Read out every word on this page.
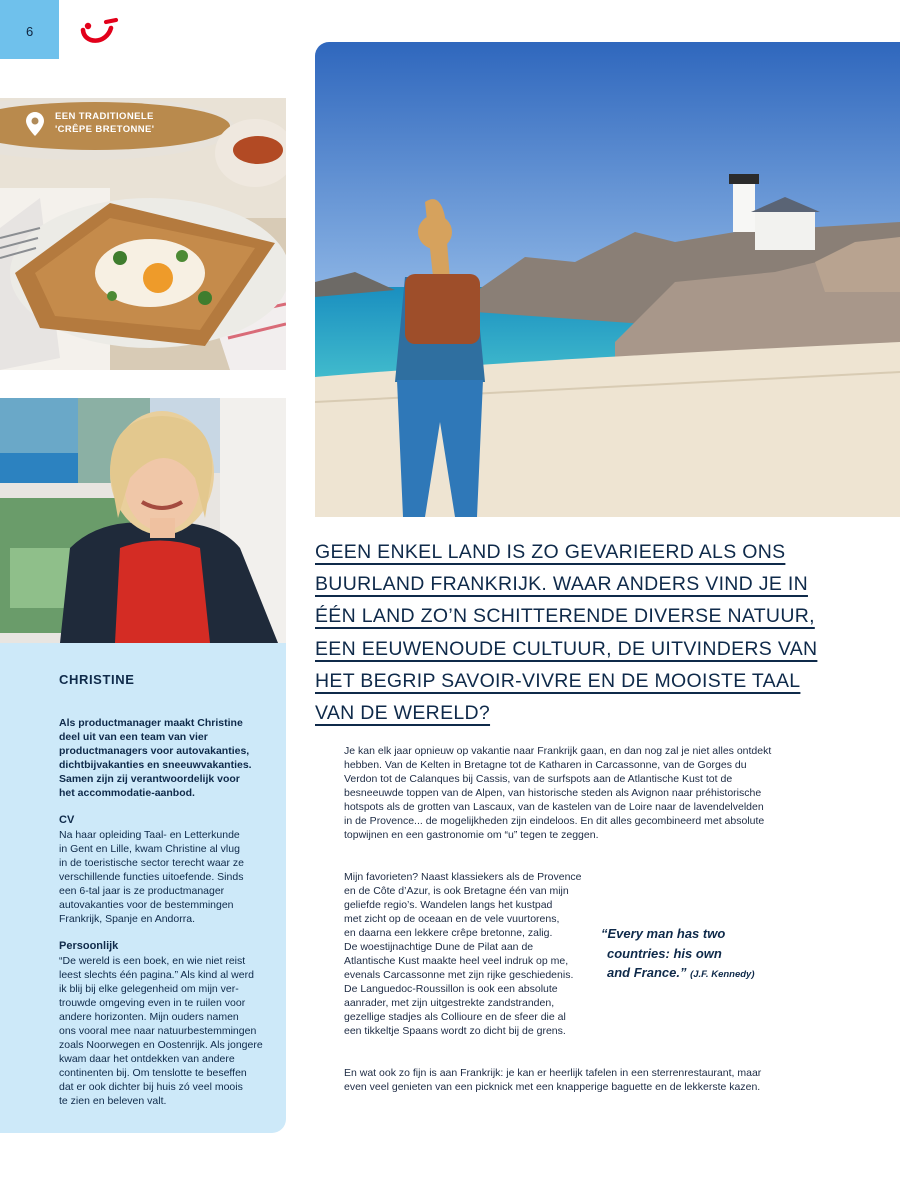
6
EEN TRADITIONELE
'CRÊPE BRETONNE'
CHRISTINE
Als productmanager maakt Christine
deel uit van een team van vier
productmanagers voor autovakanties,
dichtbijvakanties en sneeuwvakanties.
Samen zijn zij verantwoordelijk voor
het accommodatie-aanbod.
CV
Na haar opleiding Taal- en Letterkunde
in Gent en Lille, kwam Christine al vlug
in de toeristische sector terecht waar ze
verschillende functies uitoefende. Sinds
een 6-tal jaar is ze productmanager
autovakanties voor de bestemmingen
Frankrijk, Spanje en Andorra.
Persoonlijk
“De wereld is een boek, en wie niet reist
leest slechts één pagina.” Als kind al werd
ik blij bij elke gelegenheid om mijn ver-
trouwde omgeving even in te ruilen voor
andere horizonten. Mijn ouders namen
ons vooral mee naar natuurbestemmingen
zoals Noorwegen en Oostenrijk. Als jongere
kwam daar het ontdekken van andere
continenten bij. Om tenslotte te beseffen
dat er ook dichter bij huis zó veel moois
te zien en beleven valt.
GEEN ENKEL LAND IS ZO GEVARIEERD ALS ONS
BUURLAND FRANKRIJK. WAAR ANDERS VIND JE IN
ÉÉN LAND ZO’N SCHITTERENDE DIVERSE NATUUR,
EEN EEUWENOUDE CULTUUR, DE UITVINDERS VAN
HET BEGRIP SAVOIR-VIVRE EN DE MOOISTE TAAL
VAN DE WERELD?
Je kan elk jaar opnieuw op vakantie naar Frankrijk gaan, en dan nog zal je niet alles ontdekt
hebben. Van de Kelten in Bretagne tot de Katharen in Carcassonne, van de Gorges du
Verdon tot de Calanques bij Cassis, van de surfspots aan de Atlantische Kust tot de
besneeuwde toppen van de Alpen, van historische steden als Avignon naar préhistorische
hotspots als de grotten van Lascaux, van de kastelen van de Loire naar de lavendelvelden
in de Provence... de mogelijkheden zijn eindeloos. En dit alles gecombineerd met absolute
topwijnen en een gastronomie om “u” tegen te zeggen.
Mijn favorieten? Naast klassiekers als de Provence
en de Côte d’Azur, is ook Bretagne één van mijn
geliefde regio’s. Wandelen langs het kustpad
met zicht op de oceaan en de vele vuurtorens,
en daarna een lekkere crêpe bretonne, zalig.
De woestijnachtige Dune de Pilat aan de
Atlantische Kust maakte heel veel indruk op me,
evenals Carcassonne met zijn rijke geschiedenis.
De Languedoc-Roussillon is ook een absolute
aanrader, met zijn uitgestrekte zandstranden,
gezellige stadjes als Collioure en de sfeer die al
een tikkeltje Spaans wordt zo dicht bij de grens.
“Every man has two
countries: his own
and France.” (J.F. Kennedy)
En wat ook zo fijn is aan Frankrijk: je kan er heerlijk tafelen in een sterrenrestaurant, maar
even veel genieten van een picknick met een knapperige baguette en de lekkerste kazen.
